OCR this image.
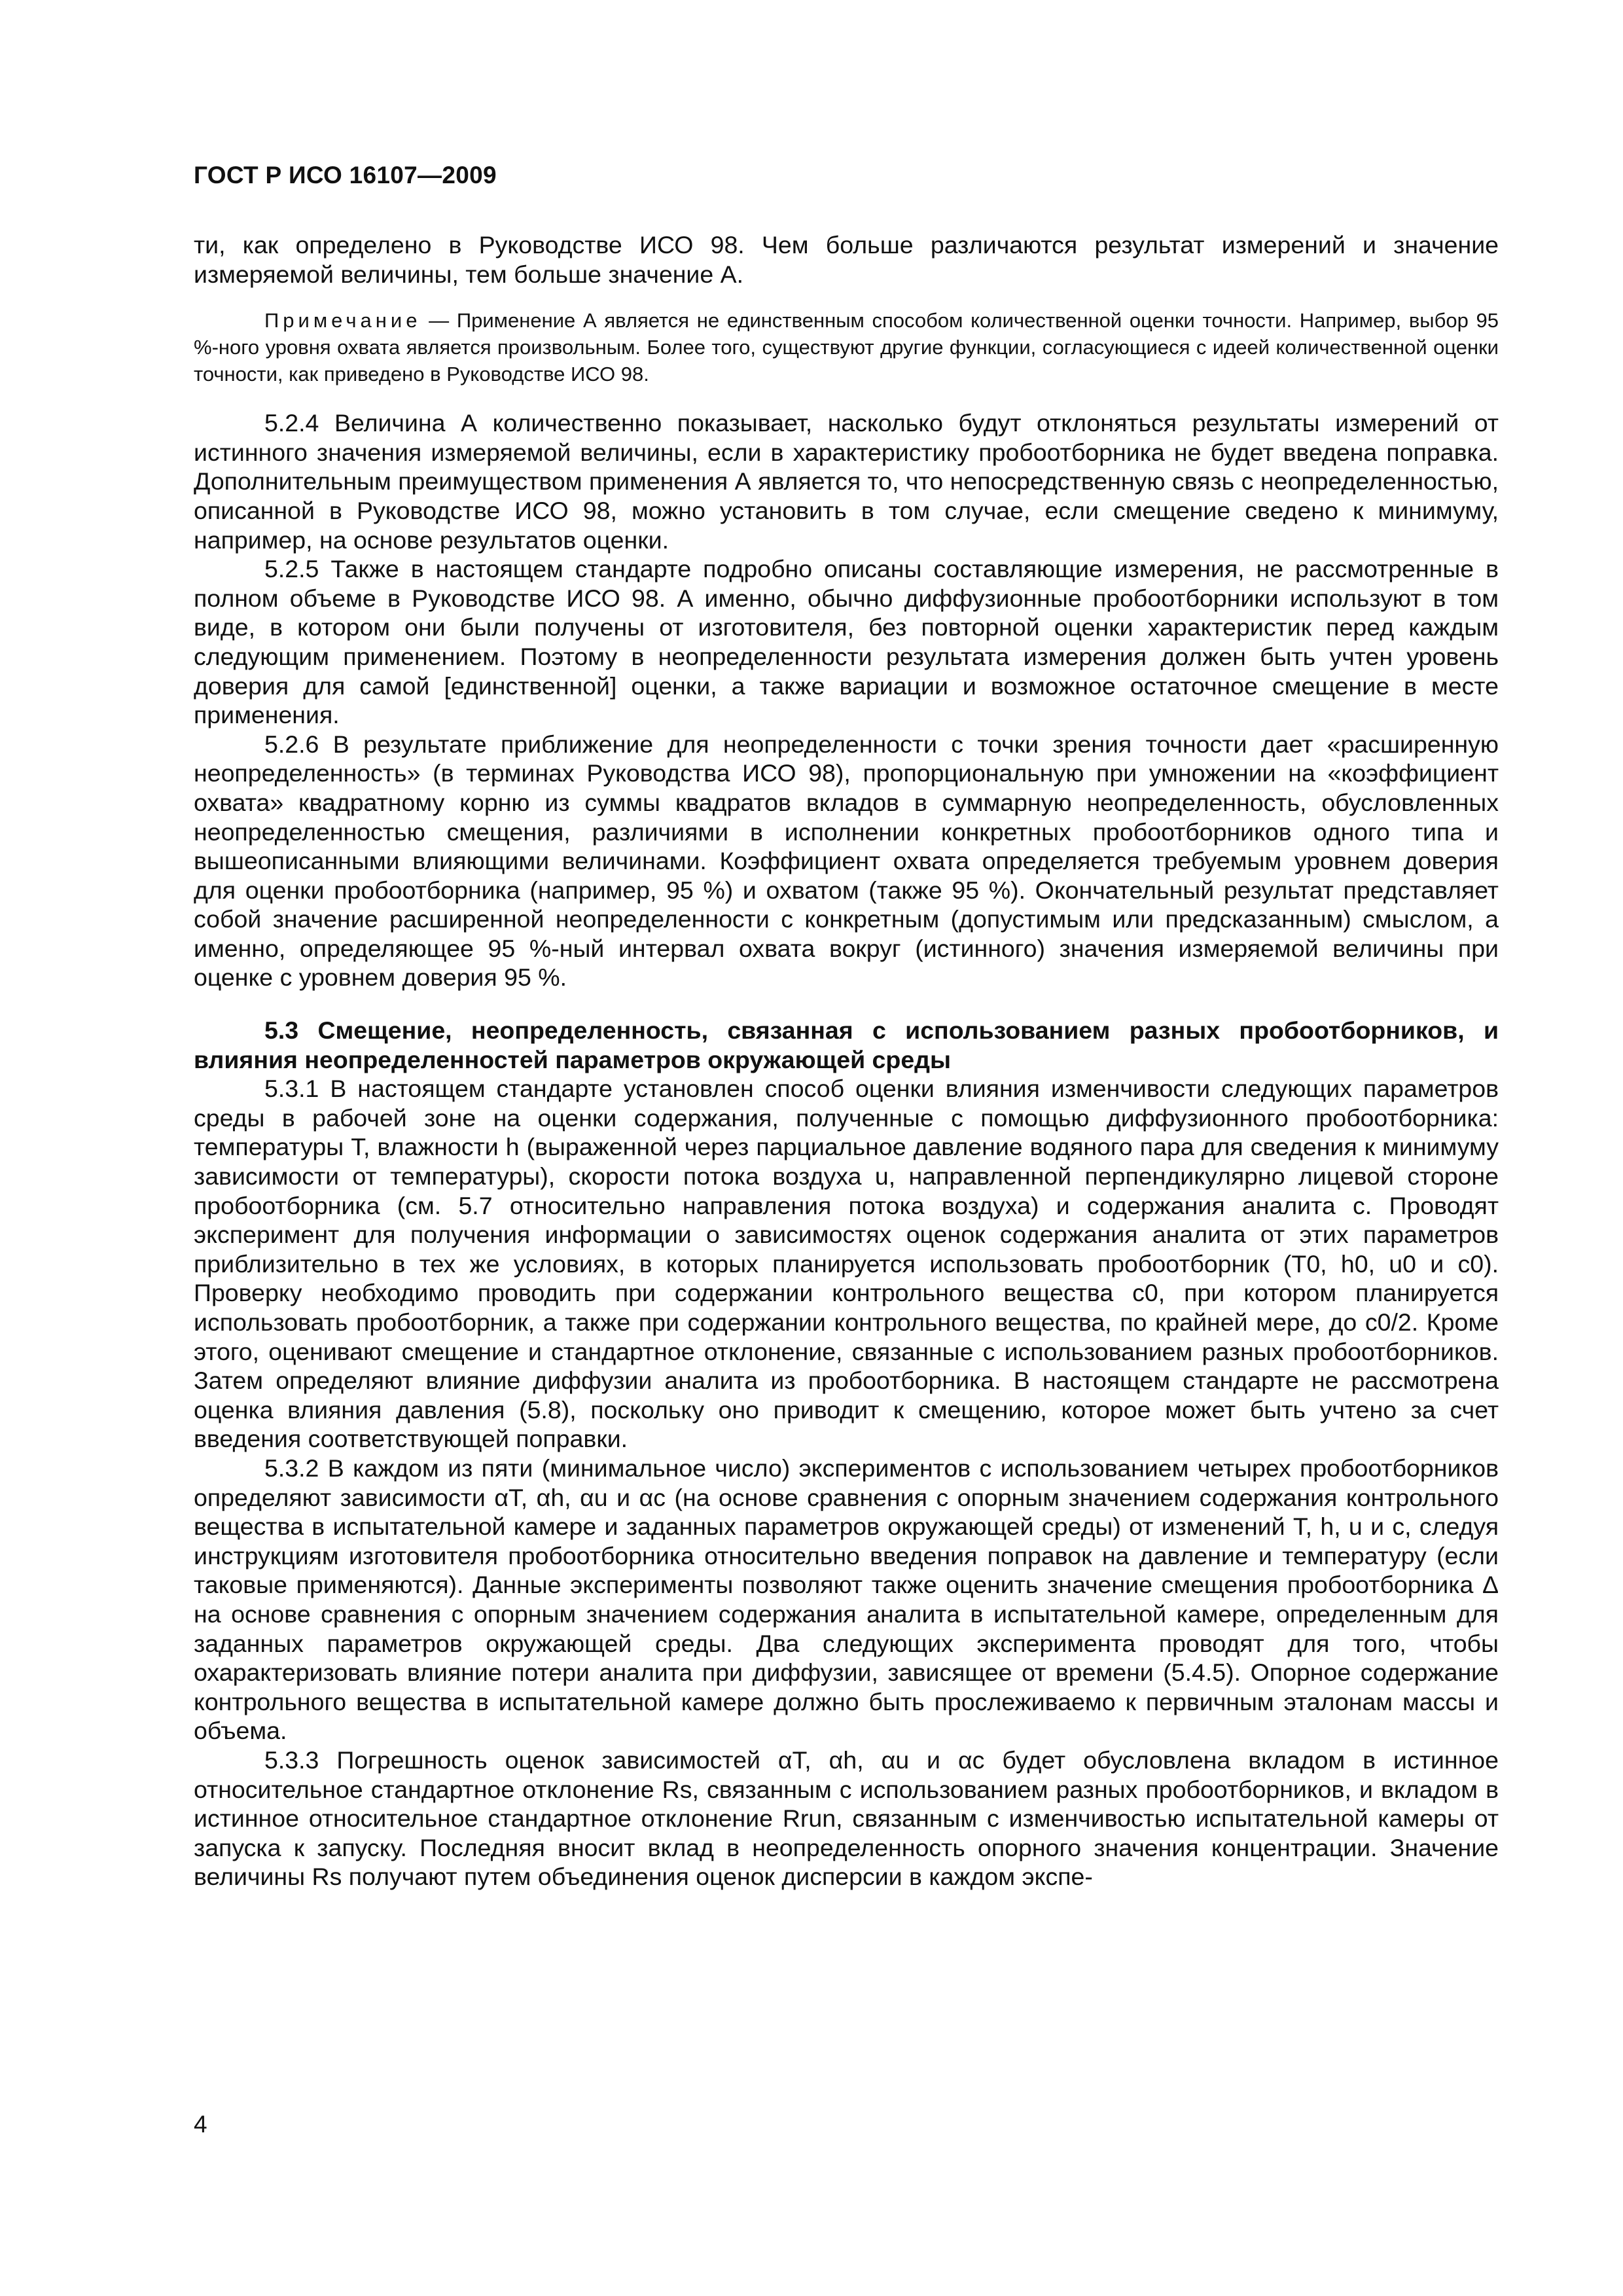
ГОСТ Р ИСО 16107—2009

ти, как определено в Руководстве ИСО 98. Чем больше различаются результат измерений и значение измеряемой величины, тем больше значение А.

Примечание — Применение А является не единственным способом количественной оценки точности. Например, выбор 95 %-ного уровня охвата является произвольным. Более того, существуют другие функции, согласующиеся с идеей количественной оценки точности, как приведено в Руководстве ИСО 98.

5.2.4 Величина А количественно показывает, насколько будут отклоняться результаты измерений от истинного значения измеряемой величины, если в характеристику пробоотборника не будет введена поправка. Дополнительным преимуществом применения А является то, что непосредственную связь с неопределенностью, описанной в Руководстве ИСО 98, можно установить в том случае, если смещение сведено к минимуму, например, на основе результатов оценки.

5.2.5 Также в настоящем стандарте подробно описаны составляющие измерения, не рассмотренные в полном объеме в Руководстве ИСО 98. А именно, обычно диффузионные пробоотборники используют в том виде, в котором они были получены от изготовителя, без повторной оценки характеристик перед каждым следующим применением. Поэтому в неопределенности результата измерения должен быть учтен уровень доверия для самой [единственной] оценки, а также вариации и возможное остаточное смещение в месте применения.

5.2.6 В результате приближение для неопределенности с точки зрения точности дает «расширенную неопределенность» (в терминах Руководства ИСО 98), пропорциональную при умножении на «коэффициент охвата» квадратному корню из суммы квадратов вкладов в суммарную неопределенность, обусловленных неопределенностью смещения, различиями в исполнении конкретных пробоотборников одного типа и вышеописанными влияющими величинами. Коэффициент охвата определяется требуемым уровнем доверия для оценки пробоотборника (например, 95 %) и охватом (также 95 %). Окончательный результат представляет собой значение расширенной неопределенности с конкретным (допустимым или предсказанным) смыслом, а именно, определяющее 95 %-ный интервал охвата вокруг (истинного) значения измеряемой величины при оценке с уровнем доверия 95 %.

5.3 Смещение, неопределенность, связанная с использованием разных пробоотборников, и влияния неопределенностей параметров окружающей среды

5.3.1 В настоящем стандарте установлен способ оценки влияния изменчивости следующих параметров среды в рабочей зоне на оценки содержания, полученные с помощью диффузионного пробоотборника: температуры T, влажности h (выраженной через парциальное давление водяного пара для сведения к минимуму зависимости от температуры), скорости потока воздуха u, направленной перпендикулярно лицевой стороне пробоотборника (см. 5.7 относительно направления потока воздуха) и содержания аналита c. Проводят эксперимент для получения информации о зависимостях оценок содержания аналита от этих параметров приблизительно в тех же условиях, в которых планируется использовать пробоотборник (T0, h0, u0 и c0). Проверку необходимо проводить при содержании контрольного вещества c0, при котором планируется использовать пробоотборник, а также при содержании контрольного вещества, по крайней мере, до c0/2. Кроме этого, оценивают смещение и стандартное отклонение, связанные с использованием разных пробоотборников. Затем определяют влияние диффузии аналита из пробоотборника. В настоящем стандарте не рассмотрена оценка влияния давления (5.8), поскольку оно приводит к смещению, которое может быть учтено за счет введения соответствующей поправки.

5.3.2 В каждом из пяти (минимальное число) экспериментов с использованием четырех пробоотборников определяют зависимости αT, αh, αu и αc (на основе сравнения с опорным значением содержания контрольного вещества в испытательной камере и заданных параметров окружающей среды) от изменений T, h, u и c, следуя инструкциям изготовителя пробоотборника относительно введения поправок на давление и температуру (если таковые применяются). Данные эксперименты позволяют также оценить значение смещения пробоотборника Δ на основе сравнения с опорным значением содержания аналита в испытательной камере, определенным для заданных параметров окружающей среды. Два следующих эксперимента проводят для того, чтобы охарактеризовать влияние потери аналита при диффузии, зависящее от времени (5.4.5). Опорное содержание контрольного вещества в испытательной камере должно быть прослеживаемо к первичным эталонам массы и объема.

5.3.3 Погрешность оценок зависимостей αT, αh, αu и αc будет обусловлена вкладом в истинное относительное стандартное отклонение Rs, связанным с использованием разных пробоотборников, и вкладом в истинное относительное стандартное отклонение Rrun, связанным с изменчивостью испытательной камеры от запуска к запуску. Последняя вносит вклад в неопределенность опорного значения концентрации. Значение величины Rs получают путем объединения оценок дисперсии в каждом экспе-

4
